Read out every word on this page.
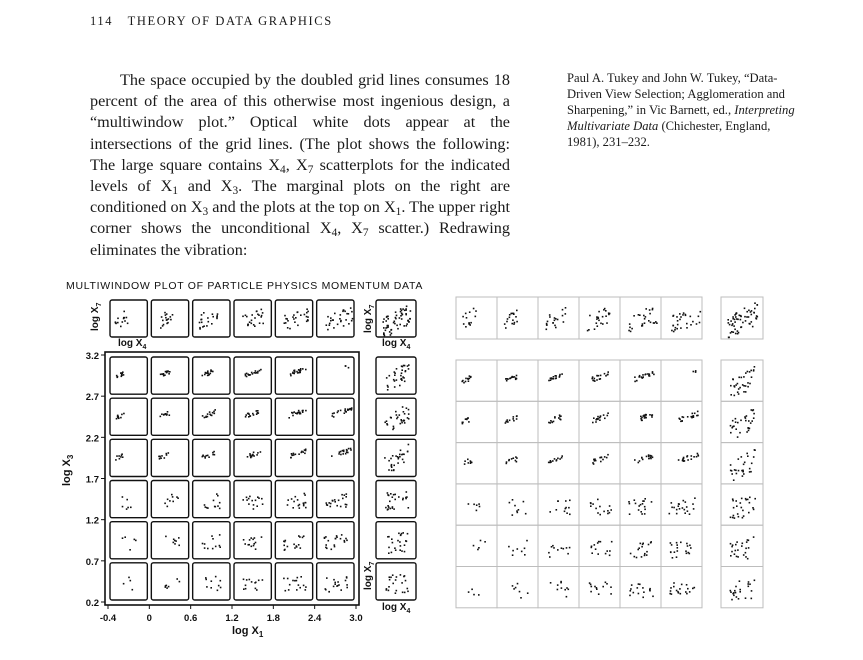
114 THEORY OF DATA GRAPHICS

The space occupied by the doubled grid lines consumes 18 percent of the area of this otherwise most ingenious design, a “multiwindow plot.” Optical white dots appear at the intersections of the grid lines. (The plot shows the following: The large square contains $X_4$, $X_7$ scatterplots for the indicated levels of $X_1$ and $X_3$. The marginal plots on the right are conditioned on $X_3$ and the plots at the top on $X_1$. The upper right corner shows the unconditional $X_4$, $X_7$ scatter.) Redrawing eliminates the vibration:

Paul A. Tukey and John W. Tukey, “Data-Driven View Selection; Agglomeration and Sharpening,” in Vic Barnett, ed., Interpreting Multivariate Data (Chichester, England, 1981), 231–232.
MULTIWINDOW PLOT OF PARTICLE PHYSICS MOMENTUM DATA
$\log X_7$
$\log X_4$
$\log X_7$
$\log X_4$
$\log X_7$
$\log X_4$
$\log X_3$
$\log X_1$
3.2
2.7
2.2
1.7
1.2
0.7
0.2
-0.4	0	0.6	1.2	1.8	2.4	3.0
